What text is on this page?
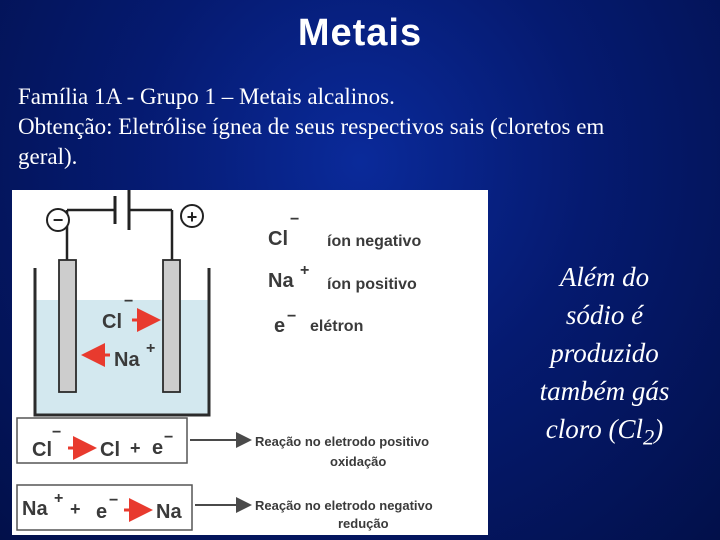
Metais
Família 1A - Grupo 1 – Metais alcalinos.
Obtenção: Eletrólise ígnea de seus respectivos sais (cloretos em
geral).
−	+
Cl
−
Na
+
Cl
−
íon negativo
Na +
íon positivo
e −
elétron
Cl
−
Cl + e −	Reação no eletrodo positivo
oxidação
Na +
+ e
−
Na	Reação no eletrodo negativo
redução
Além do
sódio é
produzido
também gás
cloro $(Cl_2)$
